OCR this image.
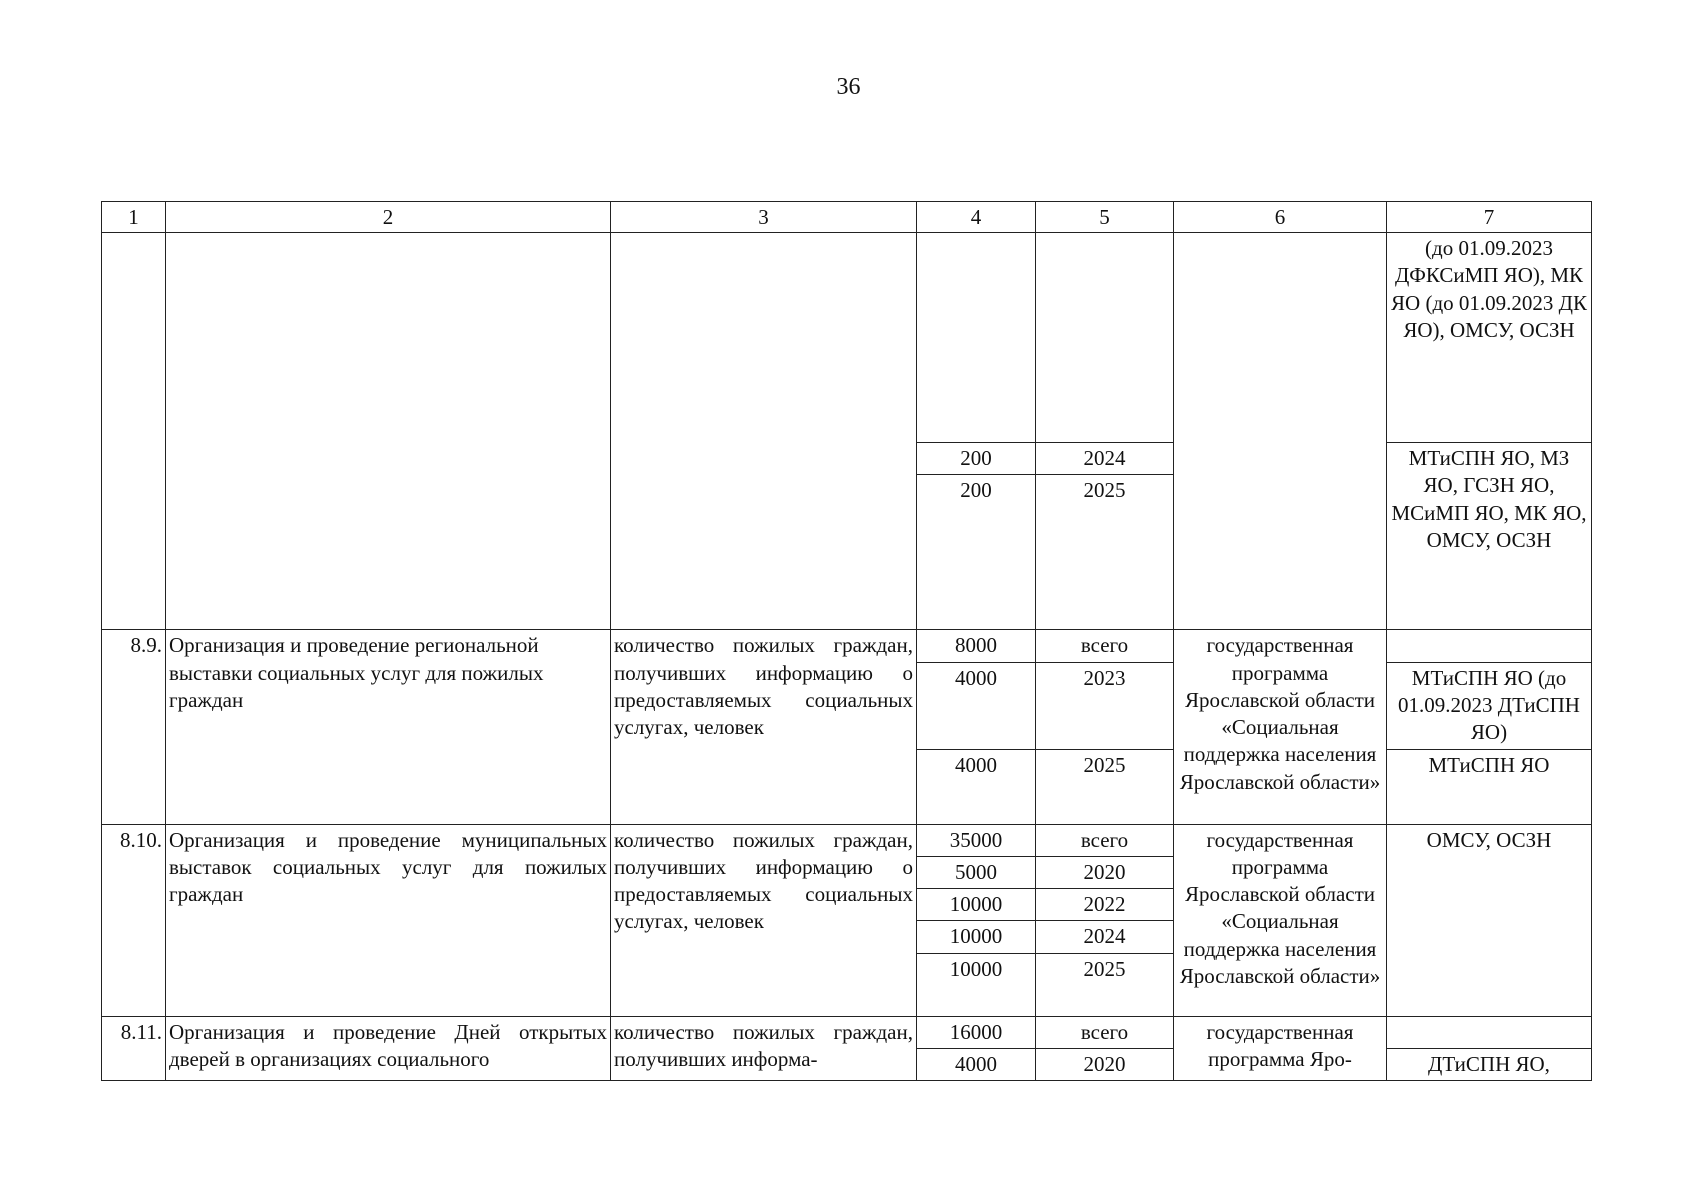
36
1	2	3	4	5	6	7
						(до 01.09.2023 ДФКСиМП ЯО), МК ЯО (до 01.09.2023 ДК ЯО), ОМСУ, ОСЗН
			200	2024		МТиСПН ЯО, МЗ ЯО, ГСЗН ЯО, МСиМП ЯО, МК ЯО, ОМСУ, ОСЗН
			200	2025		
8.9.	Организация и проведение региональной выставки социальных услуг для пожилых граждан	количество пожилых граждан, получивших информацию о предоставляемых социальных услугах, человек	8000	всего	государственная программа Ярославской области «Социальная поддержка населения Ярославской области»	
			4000	2023		МТиСПН ЯО (до 01.09.2023 ДТиСПН ЯО)
			4000	2025		МТиСПН ЯО
8.10.	Организация и проведение муниципальных выставок социальных услуг для пожилых граждан	количество пожилых граждан, получивших информацию о предоставляемых социальных услугах, человек	35000	всего	государственная программа Ярославской области «Социальная поддержка населения Ярославской области»	ОМСУ, ОСЗН
			5000	2020		
			10000	2022		
			10000	2024		
			10000	2025		
8.11.	Организация и проведение Дней открытых дверей в организациях социального	количество пожилых граждан, получивших информа-	16000	всего	государственная программа Яро-	
			4000	2020		ДТиСПН ЯО,
